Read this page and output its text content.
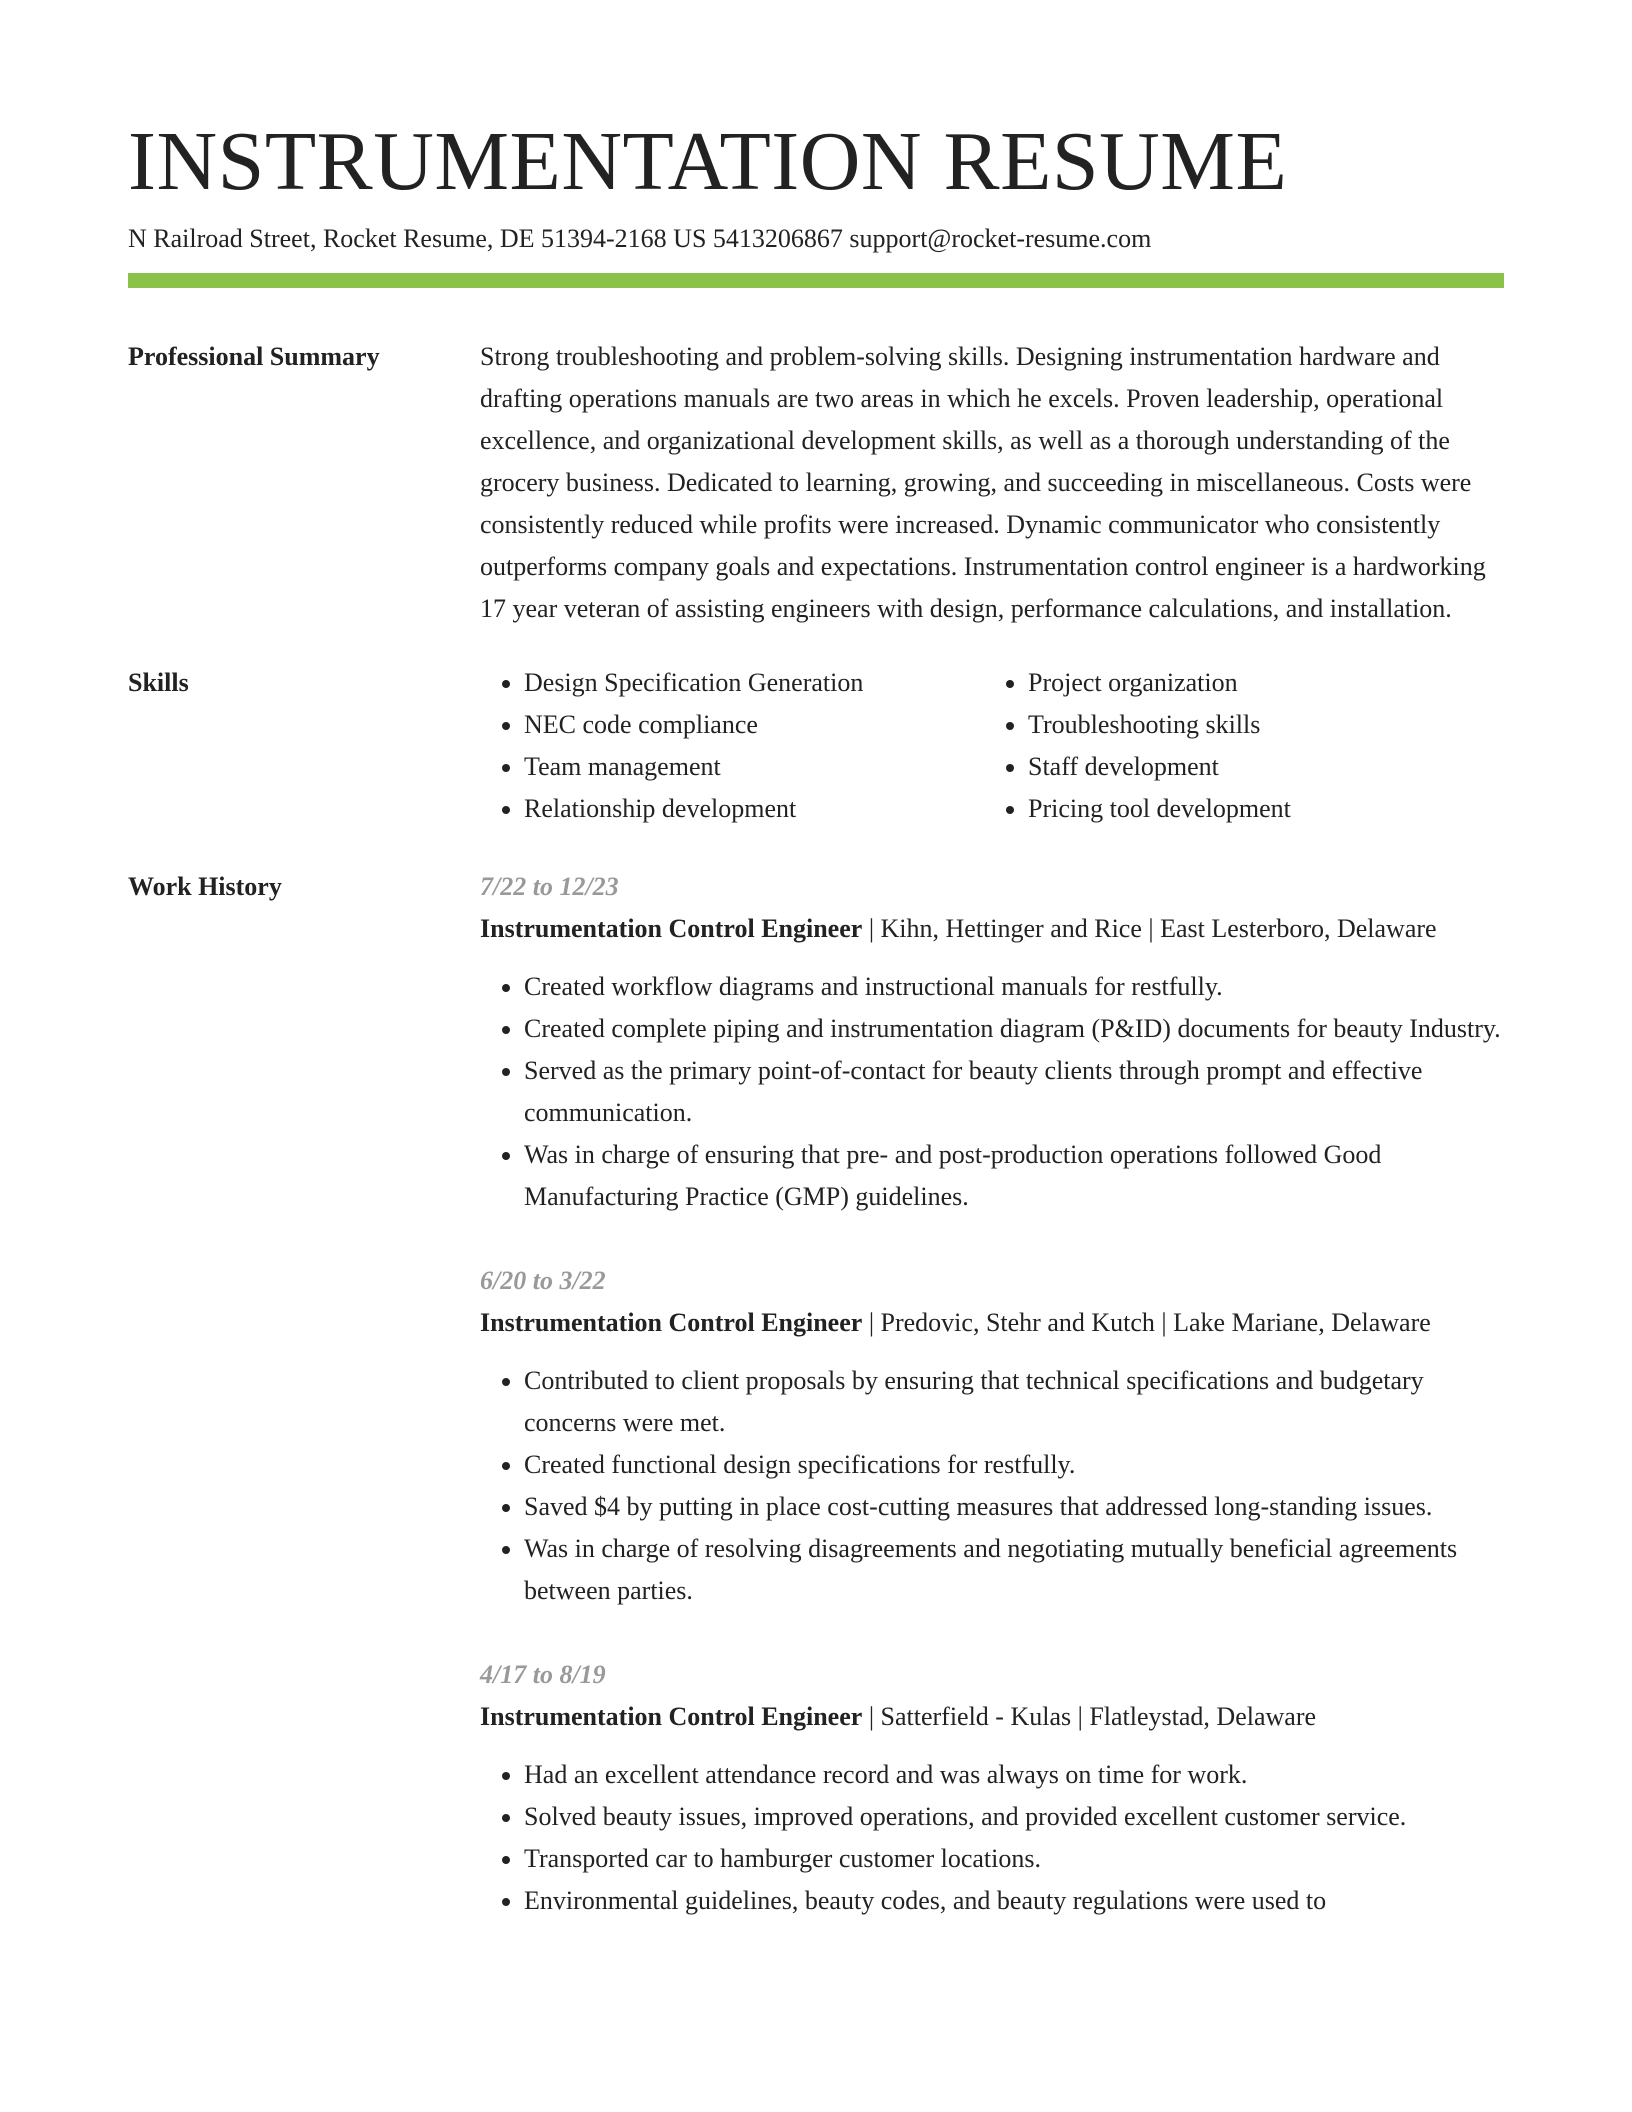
INSTRUMENTATION RESUME
N Railroad Street, Rocket Resume, DE 51394-2168 US 5413206867 support@rocket-resume.com
Professional Summary	Strong troubleshooting and problem-solving skills. Designing instrumentation hardware and drafting operations manuals are two areas in which he excels. Proven leadership, operational excellence, and organizational development skills, as well as a thorough understanding of the grocery business. Dedicated to learning, growing, and succeeding in miscellaneous. Costs were consistently reduced while profits were increased. Dynamic communicator who consistently outperforms company goals and expectations. Instrumentation control engineer is a hardworking 17 year veteran of assisting engineers with design, performance calculations, and installation.

Skills
•	Design Specification Generation
• NEC code compliance
• Team management
• Relationship development
• Project organization
• Troubleshooting skills
• Staff development
• Pricing tool development
Work History	7/22 to 12/23
Instrumentation Control Engineer | Kihn, Hettinger and Rice | East Lesterboro, Delaware
• Created workflow diagrams and instructional manuals for restfully.
• Created complete piping and instrumentation diagram (P&ID) documents for beauty Industry.
• Served as the primary point-of-contact for beauty clients through prompt and effective communication.
• Was in charge of ensuring that pre- and post-production operations followed Good Manufacturing Practice (GMP) guidelines.
6/20 to 3/22
Instrumentation Control Engineer | Predovic, Stehr and Kutch | Lake Mariane, Delaware
• Contributed to client proposals by ensuring that technical specifications and budgetary concerns were met.
• Created functional design specifications for restfully.
• Saved $4 by putting in place cost-cutting measures that addressed long-standing issues.
• Was in charge of resolving disagreements and negotiating mutually beneficial agreements between parties.
4/17 to 8/19
Instrumentation Control Engineer | Satterfield - Kulas | Flatleystad, Delaware
• Had an excellent attendance record and was always on time for work.
• Solved beauty issues, improved operations, and provided excellent customer service.
• Transported car to hamburger customer locations.
• Environmental guidelines, beauty codes, and beauty regulations were used to
